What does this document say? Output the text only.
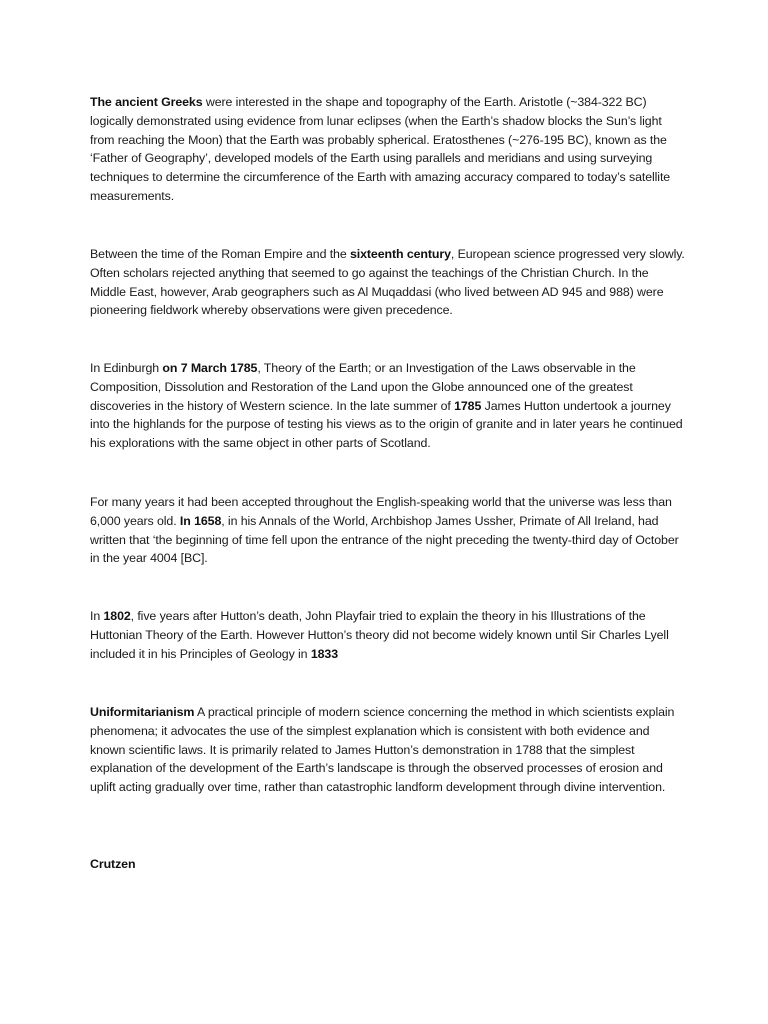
The ancient Greeks were interested in the shape and topography of the Earth. Aristotle (~384-322 BC) logically demonstrated using evidence from lunar eclipses (when the Earth’s shadow blocks the Sun’s light from reaching the Moon) that the Earth was probably spherical. Eratosthenes (~276-195 BC), known as the ‘Father of Geography’, developed models of the Earth using parallels and meridians and using surveying techniques to determine the circumference of the Earth with amazing accuracy compared to today’s satellite measurements.

Between the time of the Roman Empire and the sixteenth century, European science progressed very slowly. Often scholars rejected anything that seemed to go against the teachings of the Christian Church. In the Middle East, however, Arab geographers such as Al Muqaddasi (who lived between AD 945 and 988) were pioneering fieldwork whereby observations were given precedence.

In Edinburgh on 7 March 1785, Theory of the Earth; or an Investigation of the Laws observable in the Composition, Dissolution and Restoration of the Land upon the Globe announced one of the greatest discoveries in the history of Western science. In the late summer of 1785 James Hutton undertook a journey into the highlands for the purpose of testing his views as to the origin of granite and in later years he continued his explorations with the same object in other parts of Scotland.

For many years it had been accepted throughout the English-speaking world that the universe was less than 6,000 years old. In 1658, in his Annals of the World, Archbishop James Ussher, Primate of All Ireland, had written that ‘the beginning of time fell upon the entrance of the night preceding the twenty-third day of October in the year 4004 [BC].

In 1802, five years after Hutton’s death, John Playfair tried to explain the theory in his Illustrations of the Huttonian Theory of the Earth. However Hutton’s theory did not become widely known until Sir Charles Lyell included it in his Principles of Geology in 1833

Uniformitarianism A practical principle of modern science concerning the method in which scientists explain phenomena; it advocates the use of the simplest explanation which is consistent with both evidence and known scientific laws. It is primarily related to James Hutton’s demonstration in 1788 that the simplest explanation of the development of the Earth’s landscape is through the observed processes of erosion and uplift acting gradually over time, rather than catastrophic landform development through divine intervention.

Crutzen
